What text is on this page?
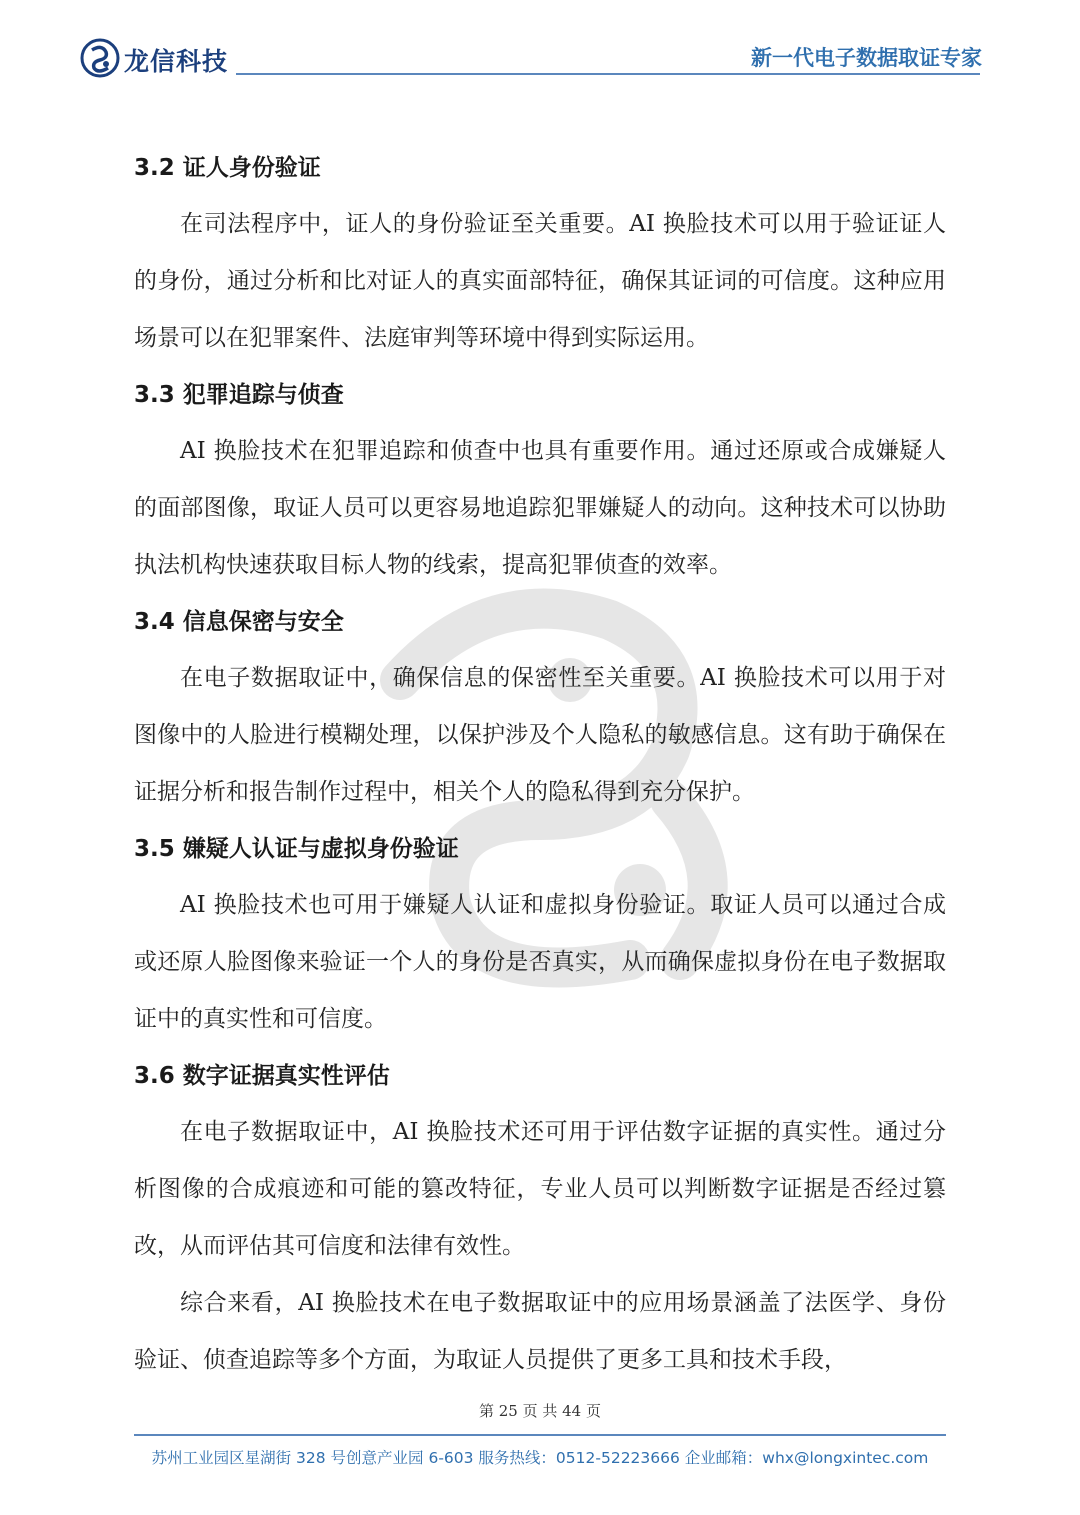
龙信科技	新一代电子数据取证专家

3.2 证人身份验证

在司法程序中，证人的身份验证至关重要。AI 换脸技术可以用于验证证人的身份，通过分析和比对证人的真实面部特征，确保其证词的可信度。这种应用场景可以在犯罪案件、法庭审判等环境中得到实际运用。

3.3 犯罪追踪与侦查

AI 换脸技术在犯罪追踪和侦查中也具有重要作用。通过还原或合成嫌疑人的面部图像，取证人员可以更容易地追踪犯罪嫌疑人的动向。这种技术可以协助执法机构快速获取目标人物的线索，提高犯罪侦查的效率。

3.4 信息保密与安全

在电子数据取证中，确保信息的保密性至关重要。AI 换脸技术可以用于对图像中的人脸进行模糊处理，以保护涉及个人隐私的敏感信息。这有助于确保在证据分析和报告制作过程中，相关个人的隐私得到充分保护。

3.5 嫌疑人认证与虚拟身份验证

AI 换脸技术也可用于嫌疑人认证和虚拟身份验证。取证人员可以通过合成或还原人脸图像来验证一个人的身份是否真实，从而确保虚拟身份在电子数据取证中的真实性和可信度。

3.6 数字证据真实性评估

在电子数据取证中，AI 换脸技术还可用于评估数字证据的真实性。通过分析图像的合成痕迹和可能的篡改特征，专业人员可以判断数字证据是否经过篡改，从而评估其可信度和法律有效性。

综合来看，AI 换脸技术在电子数据取证中的应用场景涵盖了法医学、身份验证、侦查追踪等多个方面，为取证人员提供了更多工具和技术手段，

第 25 页 共 44 页
苏州工业园区星湖街 328 号创意产业园 6-603 服务热线：0512-52223666 企业邮箱：whx@longxintec.com
